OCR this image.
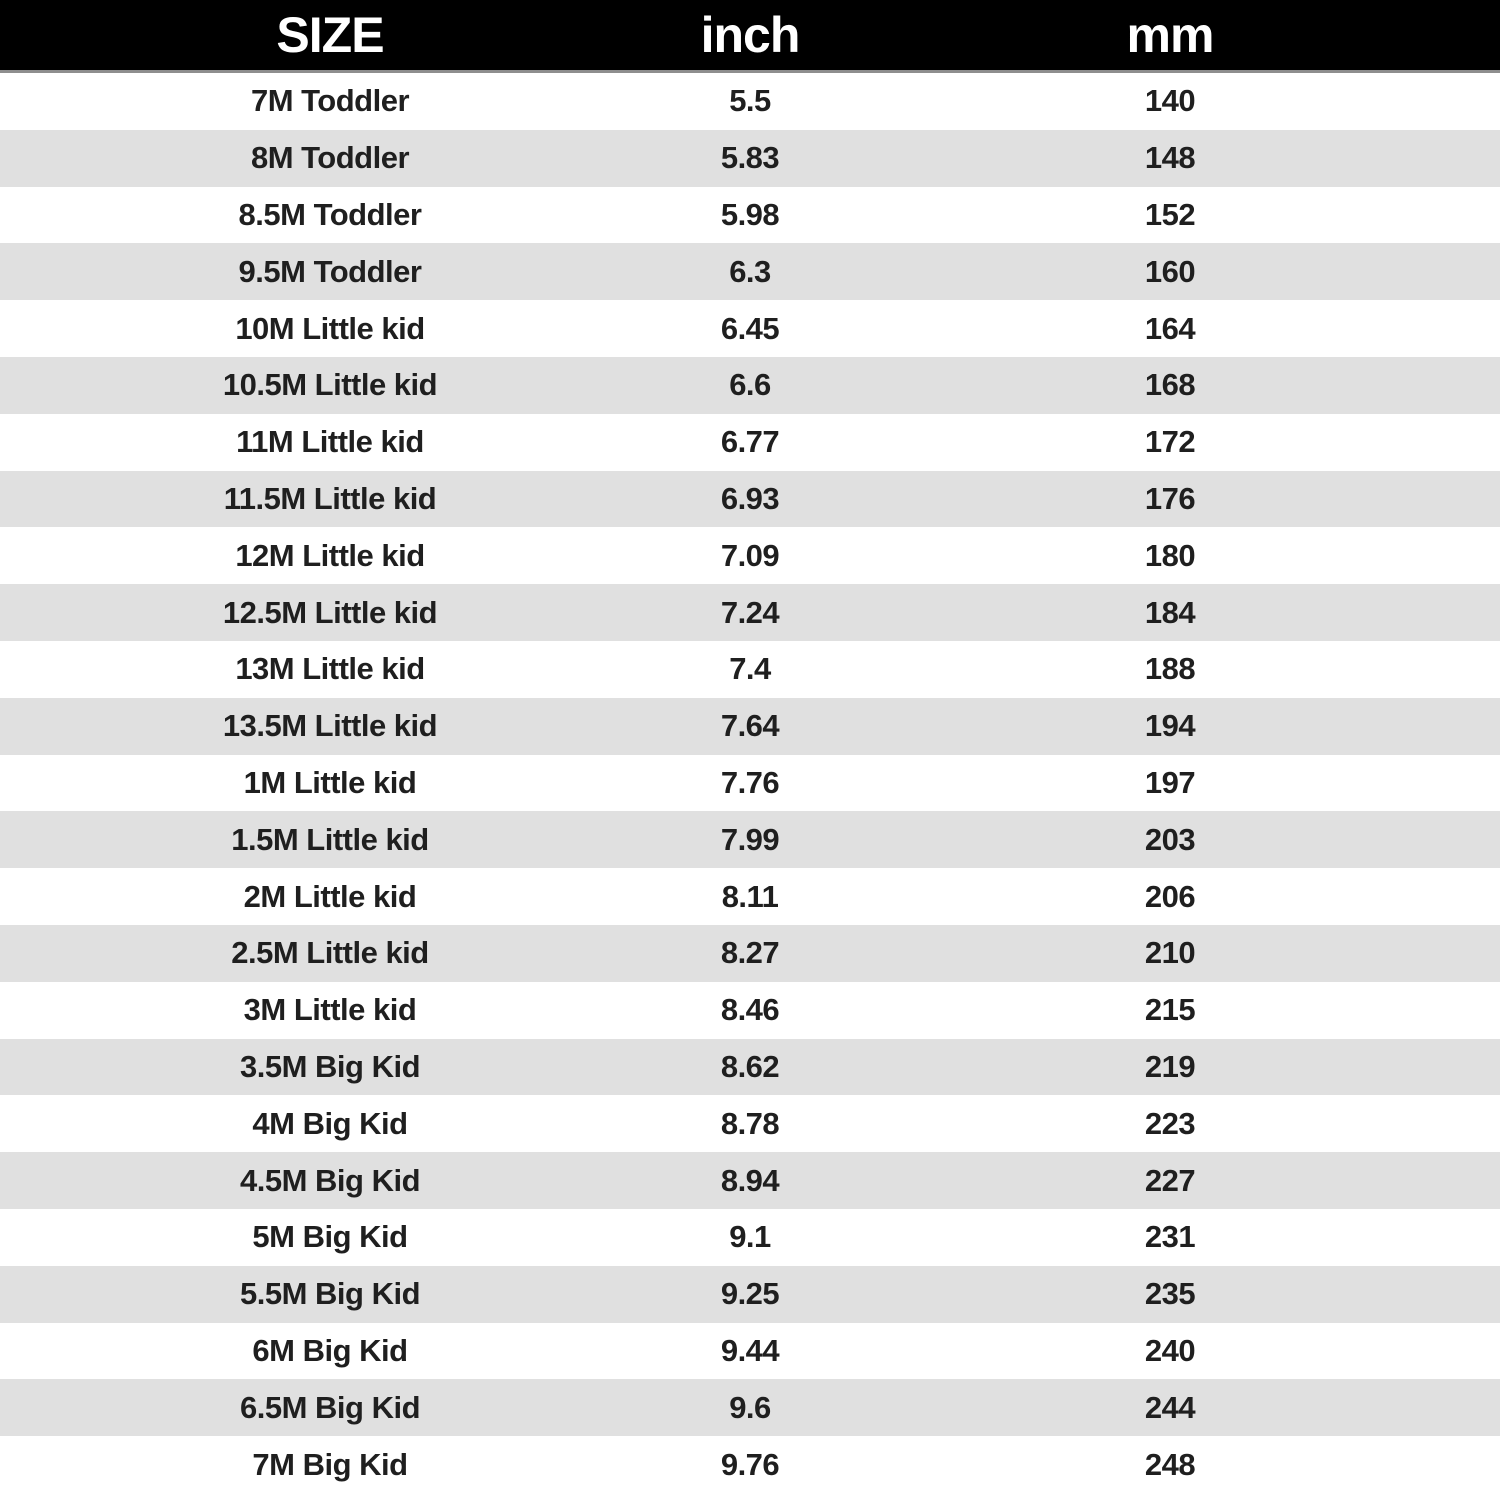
SIZE	inch	mm
7M Toddler	5.5	140
8M Toddler	5.83	148
8.5M Toddler	5.98	152
9.5M Toddler	6.3	160
10M Little kid	6.45	164
10.5M Little kid	6.6	168
11M Little kid	6.77	172
11.5M Little kid	6.93	176
12M Little kid	7.09	180
12.5M Little kid	7.24	184
13M Little kid	7.4	188
13.5M Little kid	7.64	194
1M Little kid	7.76	197
1.5M Little kid	7.99	203
2M Little kid	8.11	206
2.5M Little kid	8.27	210
3M Little kid	8.46	215
3.5M Big Kid	8.62	219
4M Big Kid	8.78	223
4.5M Big Kid	8.94	227
5M Big Kid	9.1	231
5.5M Big Kid	9.25	235
6M Big Kid	9.44	240
6.5M Big Kid	9.6	244
7M Big Kid	9.76	248
